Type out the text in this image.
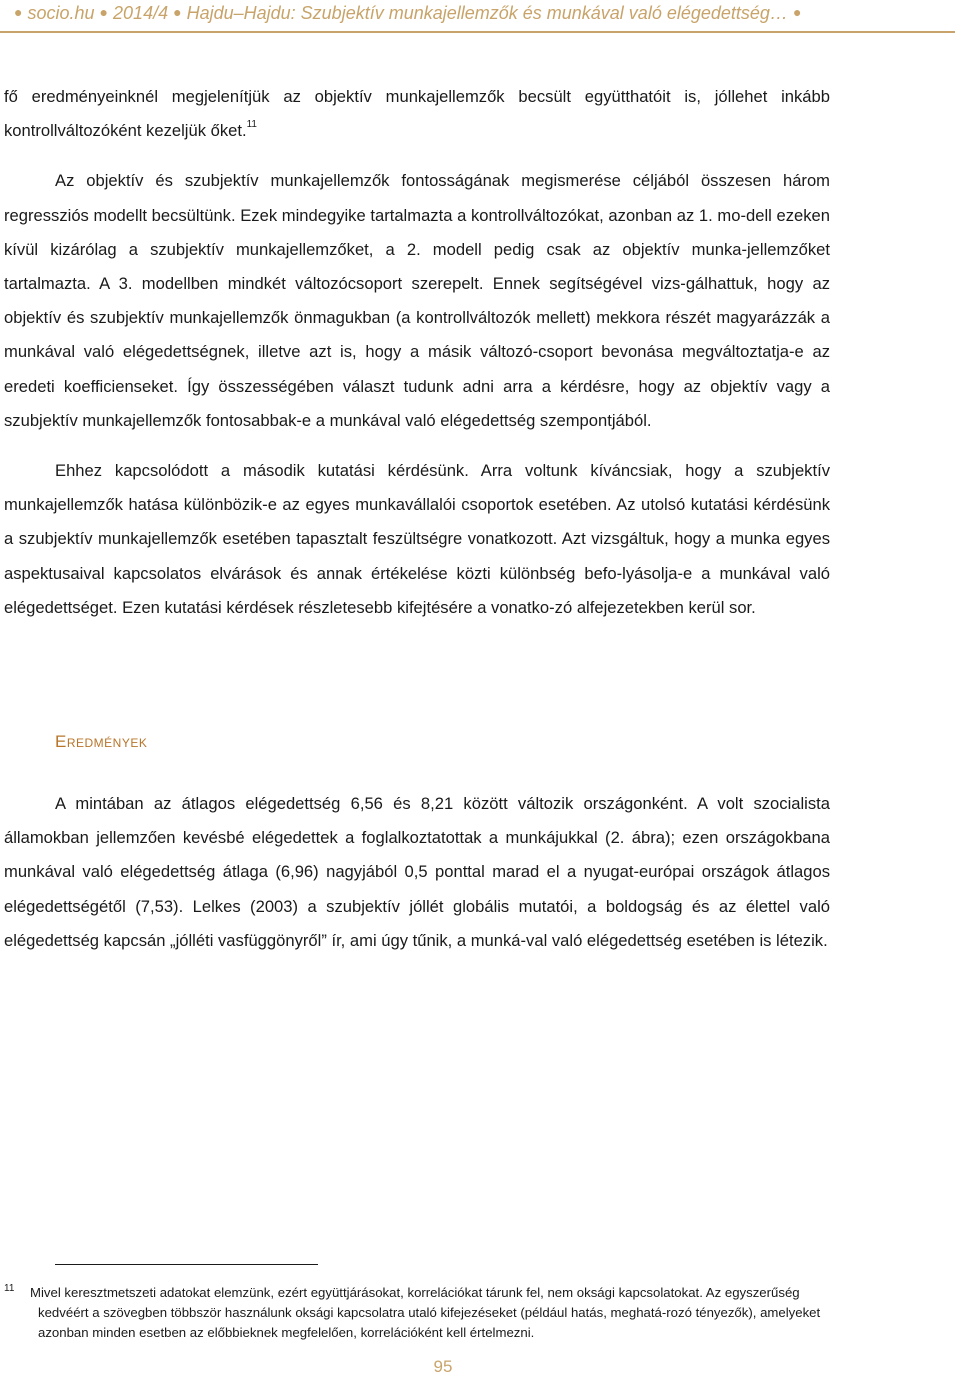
● socio.hu ● 2014/4 ● Hajdu–Hajdu: Szubjektív munkajellemzők és munkával való elégedettség… ●

fő eredményeinknél megjelenítjük az objektív munkajellemzők becsült együtthatóit is, jóllehet inkább kontrollváltozóként kezeljük őket.$^{11}$

Az objektív és szubjektív munkajellemzők fontosságának megismerése céljából összesen három regressziós modellt becsültünk. Ezek mindegyike tartalmazta a kontrollváltozókat, azonban az 1. mo-dell ezeken kívül kizárólag a szubjektív munkajellemzőket, a 2. modell pedig csak az objektív munka-jellemzőket tartalmazta. A 3. modellben mindkét változócsoport szerepelt. Ennek segítségével vizs-gálhattuk, hogy az objektív és szubjektív munkajellemzők önmagukban (a kontrollváltozók mellett) mekkora részét magyarázzák a munkával való elégedettségnek, illetve azt is, hogy a másik változó-csoport bevonása megváltoztatja-e az eredeti koefficienseket. Így összességében választ tudunk adni arra a kérdésre, hogy az objektív vagy a szubjektív munkajellemzők fontosabbak-e a munkával való elégedettség szempontjából.

Ehhez kapcsolódott a második kutatási kérdésünk. Arra voltunk kíváncsiak, hogy a szubjektív munkajellemzők hatása különbözik-e az egyes munkavállalói csoportok esetében. Az utolsó kutatási kérdésünk a szubjektív munkajellemzők esetében tapasztalt feszültségre vonatkozott. Azt vizsgáltuk, hogy a munka egyes aspektusaival kapcsolatos elvárások és annak értékelése közti különbség befo-lyásolja-e a munkával való elégedettséget. Ezen kutatási kérdések részletesebb kifejtésére a vonatko-zó alfejezetekben kerül sor.

Eredmények

A mintában az átlagos elégedettség 6,56 és 8,21 között változik országonként. A volt szocialista államokban jellemzően kevésbé elégedettek a foglalkoztatottak a munkájukkal (2. ábra); ezen országokbana munkával való elégedettség átlaga (6,96) nagyjából 0,5 ponttal marad el a nyugat-európai országok átlagos elégedettségétől (7,53). Lelkes (2003) a szubjektív jóllét globális mutatói, a boldogság és az élettel való elégedettség kapcsán „jólléti vasfüggönyről” ír, ami úgy tűnik, a munká-val való elégedettség esetében is létezik.

11 Mivel keresztmetszeti adatokat elemzünk, ezért együttjárásokat, korrelációkat tárunk fel, nem oksági kapcsolatokat. Az egyszerűség kedvéért a szövegben többször használunk oksági kapcsolatra utaló kifejezéseket (például hatás, meghatá-rozó tényezők), amelyeket azonban minden esetben az előbbieknek megfelelően, korrelációként kell értelmezni.
95
